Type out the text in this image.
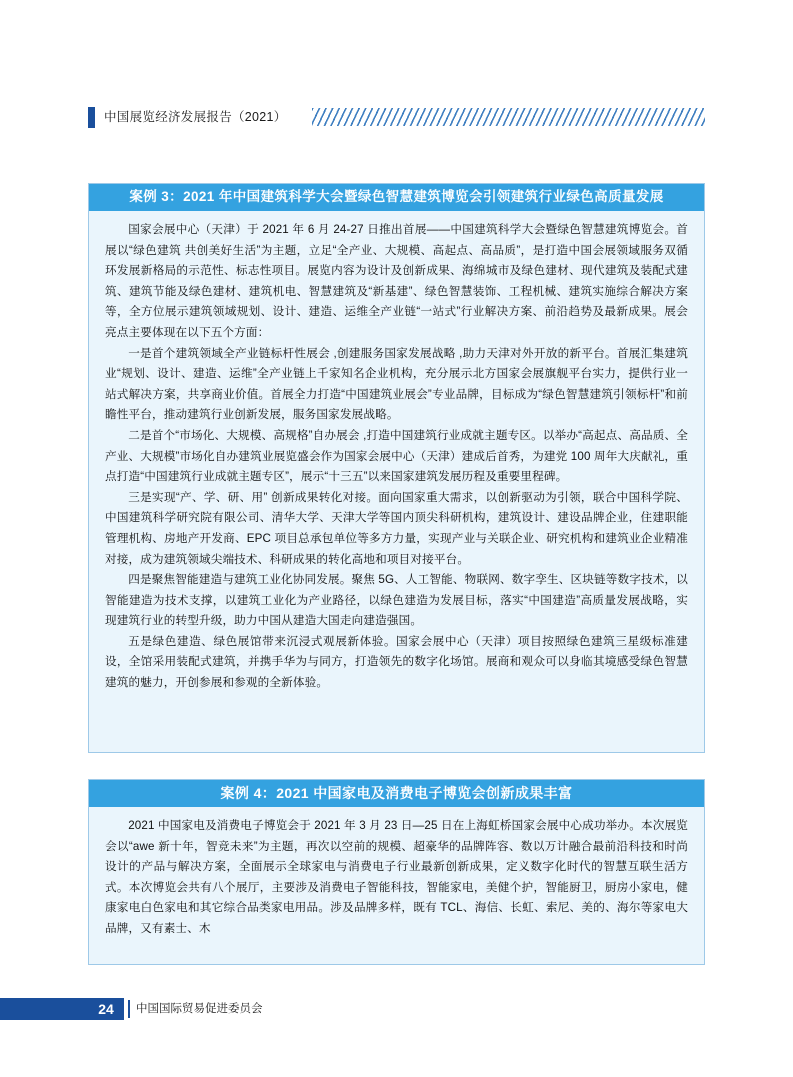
中国展览经济发展报告（2021）
案例 3：2021 年中国建筑科学大会暨绿色智慧建筑博览会引领建筑行业绿色高质量发展

国家会展中心（天津）于 2021 年 6 月 24-27 日推出首展——中国建筑科学大会暨绿色智慧建筑博览会。首展以“绿色建筑 共创美好生活”为主题，立足“全产业、大规模、高起点、高品质”，是打造中国会展领域服务双循环发展新格局的示范性、标志性项目。展览内容为设计及创新成果、海绵城市及绿色建材、现代建筑及装配式建筑、建筑节能及绿色建材、建筑机电、智慧建筑及“新基建”、绿色智慧装饰、工程机械、建筑实施综合解决方案等，全方位展示建筑领域规划、设计、建造、运维全产业链“一站式”行业解决方案、前沿趋势及最新成果。展会亮点主要体现在以下五个方面：

一是首个建筑领域全产业链标杆性展会 ,创建服务国家发展战略 ,助力天津对外开放的新平台。首展汇集建筑业“规划、设计、建造、运维”全产业链上千家知名企业机构，充分展示北方国家会展旗舰平台实力，提供行业一站式解决方案，共享商业价值。首展全力打造“中国建筑业展会”专业品牌，目标成为“绿色智慧建筑引领标杆”和前瞻性平台，推动建筑行业创新发展，服务国家发展战略。

二是首个“市场化、大规模、高规格”自办展会 ,打造中国建筑行业成就主题专区。以举办“高起点、高品质、全产业、大规模”市场化自办建筑业展览盛会作为国家会展中心（天津）建成后首秀，为建党 100 周年大庆献礼，重点打造“中国建筑行业成就主题专区”，展示“十三五”以来国家建筑发展历程及重要里程碑。

三是实现“产、学、研、用” 创新成果转化对接。面向国家重大需求，以创新驱动为引领，联合中国科学院、中国建筑科学研究院有限公司、清华大学、天津大学等国内顶尖科研机构，建筑设计、建设品牌企业，住建职能管理机构、房地产开发商、EPC 项目总承包单位等多方力量，实现产业与关联企业、研究机构和建筑业企业精准对接，成为建筑领域尖端技术、科研成果的转化高地和项目对接平台。

四是聚焦智能建造与建筑工业化协同发展。聚焦 5G、人工智能、物联网、数字孪生、区块链等数字技术，以智能建造为技术支撑，以建筑工业化为产业路径，以绿色建造为发展目标，落实“中国建造”高质量发展战略，实现建筑行业的转型升级，助力中国从建造大国走向建造强国。

五是绿色建造、绿色展馆带来沉浸式观展新体验。国家会展中心（天津）项目按照绿色建筑三星级标准建设，全馆采用装配式建筑，并携手华为与同方，打造领先的数字化场馆。展商和观众可以身临其境感受绿色智慧建筑的魅力，开创参展和参观的全新体验。

案例 4：2021 中国家电及消费电子博览会创新成果丰富

2021 中国家电及消费电子博览会于 2021 年 3 月 23 日—25 日在上海虹桥国家会展中心成功举办。本次展览会以“awe 新十年，智竞未来”为主题，再次以空前的规模、超豪华的品牌阵容、数以万计融合最前沿科技和时尚设计的产品与解决方案，全面展示全球家电与消费电子行业最新创新成果，定义数字化时代的智慧互联生活方式。本次博览会共有八个展厅，主要涉及消费电子智能科技，智能家电，美健个护，智能厨卫，厨房小家电，健康家电白色家电和其它综合品类家电用品。涉及品牌多样，既有 TCL、海信、长虹、索尼、美的、海尔等家电大品牌，又有素士、木

24	中国国际贸易促进委员会
